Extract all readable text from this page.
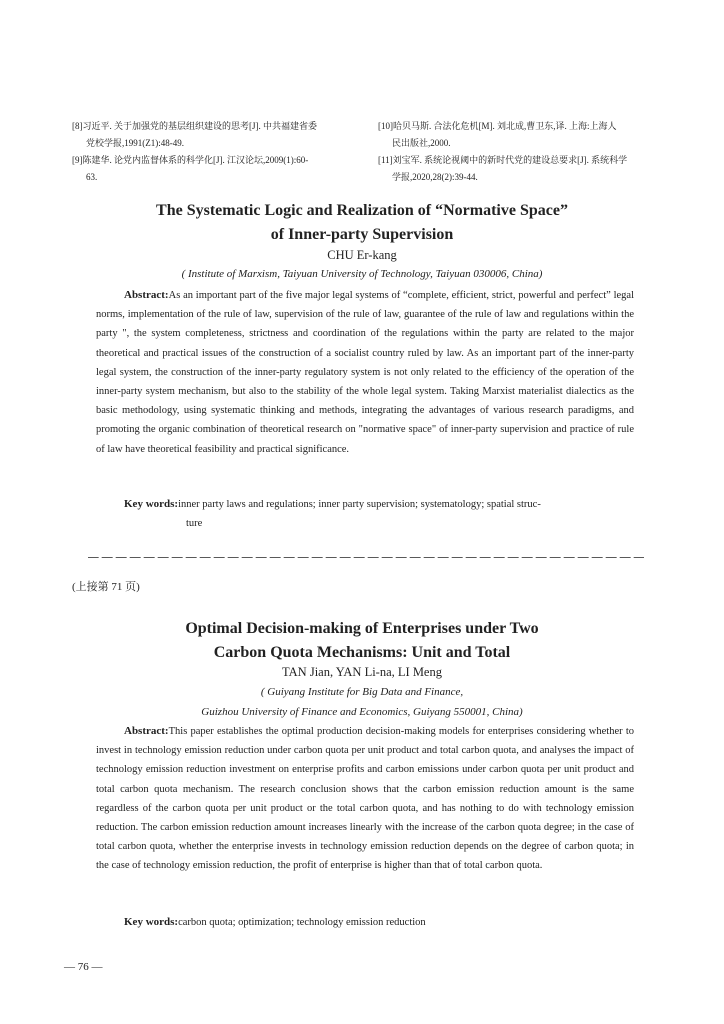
[8]习近平. 关于加强党的基层组织建设的思考[J]. 中共福建省委
党校学报,1991(Z1):48-49.
[9]陈建华. 论党内监督体系的科学化[J]. 江汉论坛,2009(1):60-
63.
[10]哈贝马斯. 合法化危机[M]. 刘北成,曹卫东,译. 上海:上海人
民出版社,2000.
[11]刘宝军. 系统论视阈中的新时代党的建设总要求[J]. 系统科学
学报,2020,28(2):39-44.
The Systematic Logic and Realization of “Normative Space”
of Inner-party Supervision
CHU Er-kang
( Institute of Marxism, Taiyuan University of Technology, Taiyuan 030006, China)
Abstract:As an important part of the five major legal systems of “complete, efficient, strict, powerful and perfect” legal norms, implementation of the rule of law, supervision of the rule of law, guarantee of the rule of law and regulations within the party ", the system completeness, strictness and coordination of the regulations within the party are related to the major theoretical and practical issues of the construction of a socialist country ruled by law. As an important part of the inner-party legal system, the construction of the inner-party regulatory system is not only related to the efficiency of the operation of the inner-party system mechanism, but also to the stability of the whole legal system. Taking Marxist materialist dialectics as the basic methodology, using systematic thinking and methods, integrating the advantages of various research paradigms, and promoting the organic combination of theoretical research on "normative space" of inner-party supervision and practice of rule of law have theoretical feasibility and practical significance.
Key words:inner party laws and regulations; inner party supervision; systematology; spatial struc-
ture
(上接第 71 页)
Optimal Decision-making of Enterprises under Two
Carbon Quota Mechanisms: Unit and Total
TAN Jian, YAN Li-na, LI Meng
( Guiyang Institute for Big Data and Finance,
Guizhou University of Finance and Economics, Guiyang 550001, China)
Abstract:This paper establishes the optimal production decision-making models for enterprises considering whether to invest in technology emission reduction under carbon quota per unit product and total carbon quota, and analyses the impact of technology emission reduction investment on enterprise profits and carbon emissions under carbon quota per unit product and total carbon quota mechanism. The research conclusion shows that the carbon emission reduction amount is the same regardless of the carbon quota per unit product or the total carbon quota, and has nothing to do with technology emission reduction. The carbon emission reduction amount increases linearly with the increase of the carbon quota degree; in the case of total carbon quota, whether the enterprise invests in technology emission reduction depends on the degree of carbon quota; in the case of technology emission reduction, the profit of enterprise is higher than that of total carbon quota.
Key words:carbon quota; optimization; technology emission reduction
— 76 —
